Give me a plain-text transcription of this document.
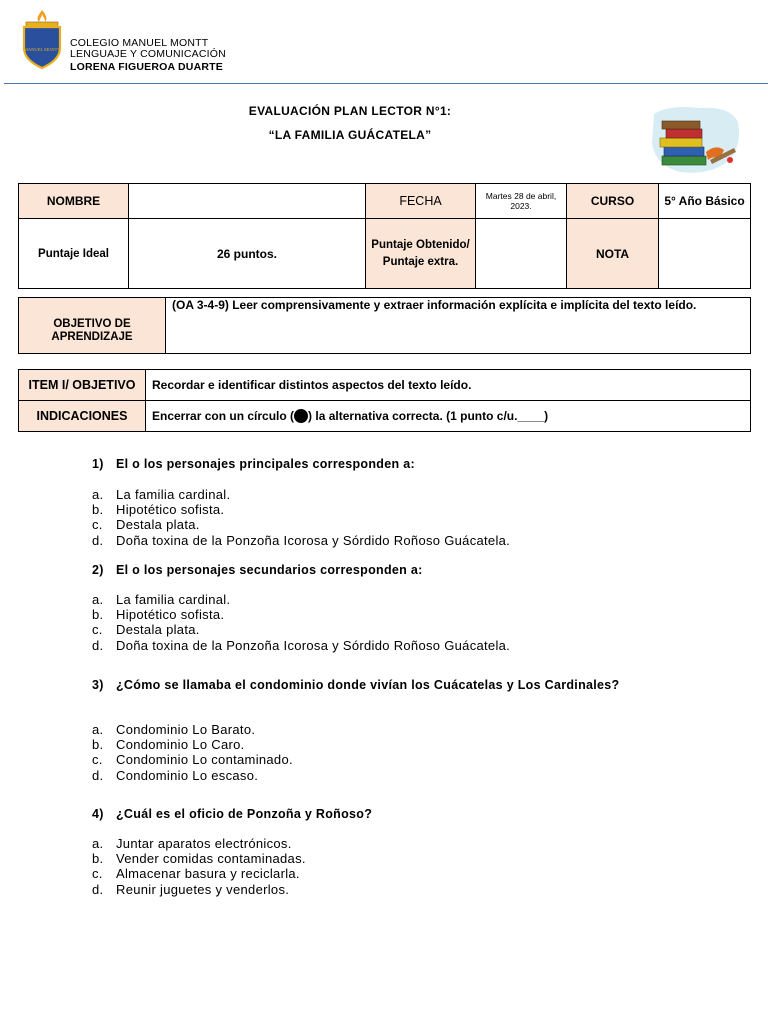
MANUEL MONTT
COLEGIO MANUEL MONTT
LENGUAJE Y COMUNICACIÓN
LORENA FIGUEROA DUARTE
EVALUACIÓN PLAN LECTOR N°1:
“LA FAMILIA GUÁCATELA”
NOMBRE		FECHA	Martes 28 de abril, 2023.	CURSO	5° Año Básico
Puntaje Ideal	26 puntos.	Puntaje Obtenido/ Puntaje extra.		NOTA	
OBJETIVO DE APRENDIZAJE	(OA 3-4-9) Leer comprensivamente y extraer información explícita e implícita del texto leído.
ITEM I/ OBJETIVO	Recordar e identificar distintos aspectos del texto leído.
INDICACIONES	Encerrar con un círculo ( ) la alternativa correcta. (1 punto c/u.____)
1) El o los personajes principales corresponden a:
a. La familia cardinal.
b. Hipotético sofista.
c. Destala plata.
d. Doña toxina de la Ponzoña Icorosa y Sórdido Roñoso Guácatela.
2) El o los personajes secundarios corresponden a:
a. La familia cardinal.
b. Hipotético sofista.
c. Destala plata.
d. Doña toxina de la Ponzoña Icorosa y Sórdido Roñoso Guácatela.
3) ¿Cómo se llamaba el condominio donde vivían los Cuácatelas y Los Cardinales?
a. Condominio Lo Barato.
b. Condominio Lo Caro.
c. Condominio Lo contaminado.
d. Condominio Lo escaso.
4) ¿Cuál es el oficio de Ponzoña y Roñoso?
a. Juntar aparatos electrónicos.
b. Vender comidas contaminadas.
c. Almacenar basura y reciclarla.
d. Reunir juguetes y venderlos.
